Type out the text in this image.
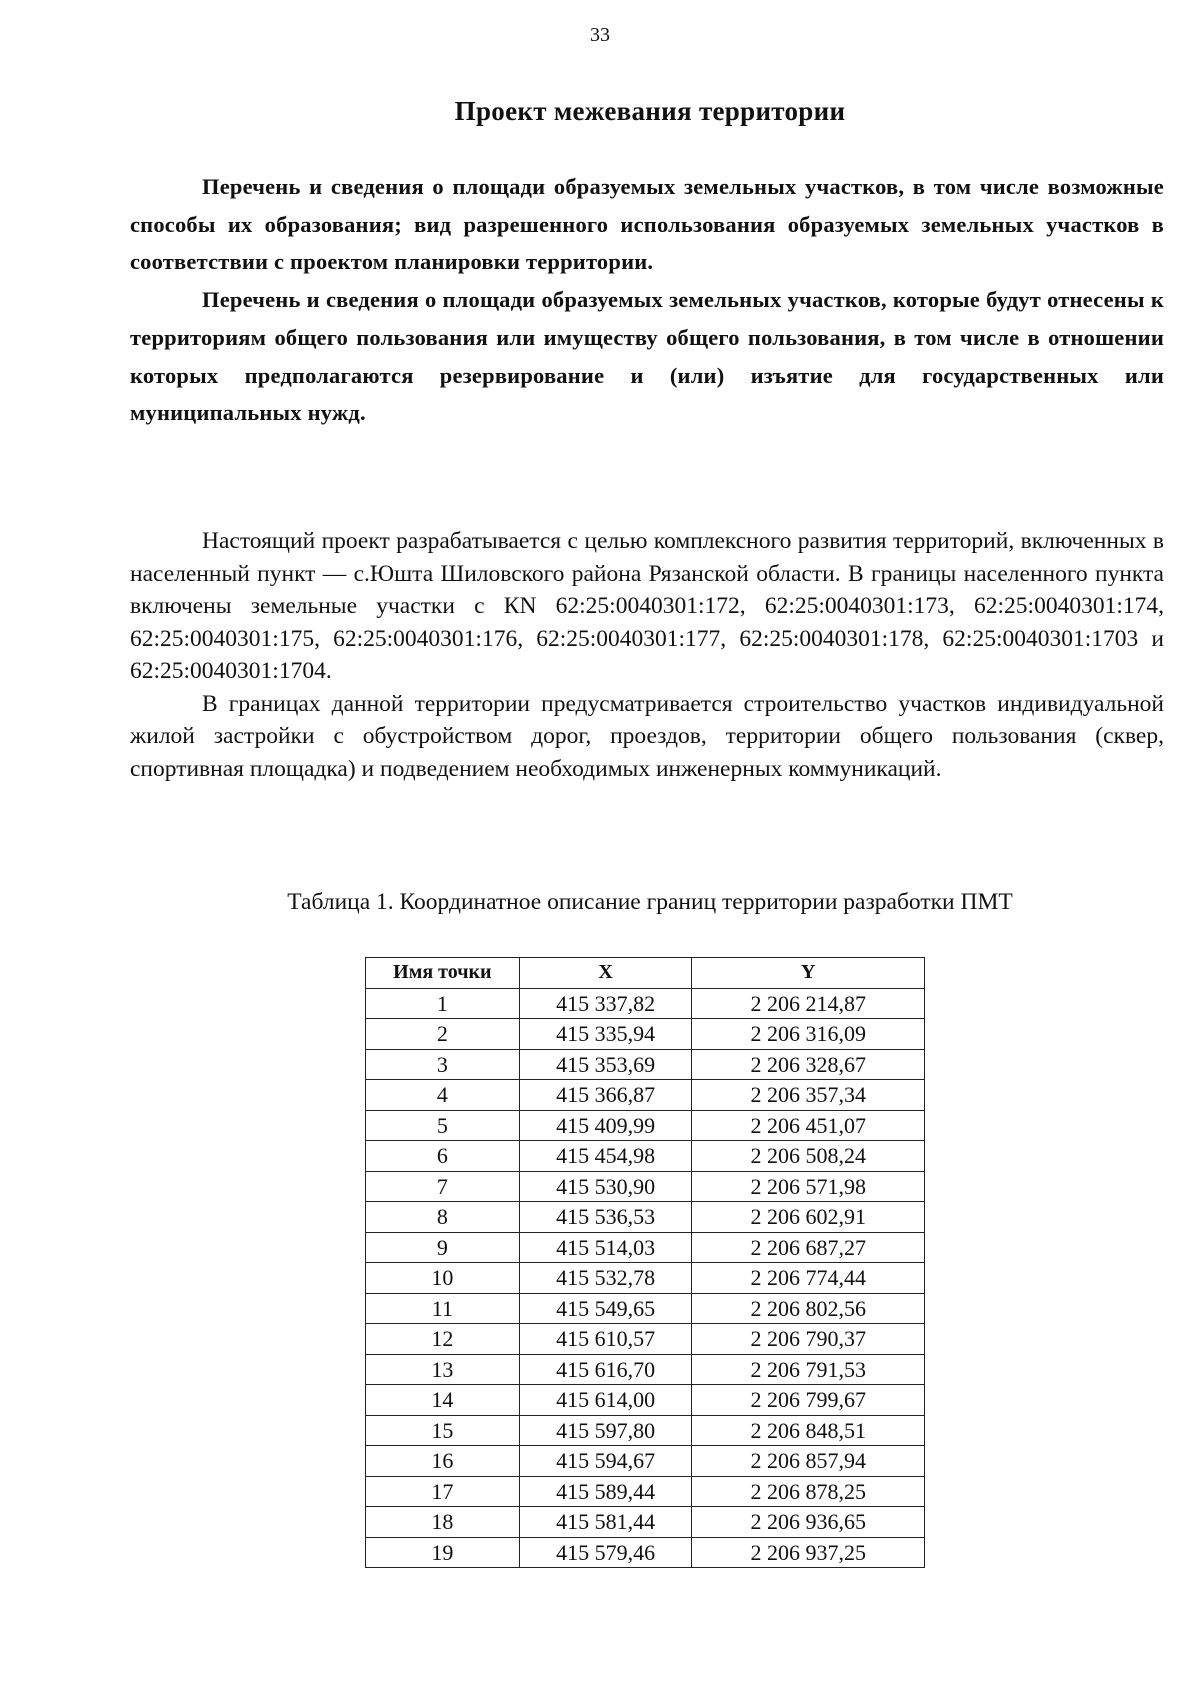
33
Проект межевания территории

Перечень и сведения о площади образуемых земельных участков, в том числе возможные способы их образования; вид разрешенного использования образуемых земельных участков в соответствии с проектом планировки территории.

Перечень и сведения о площади образуемых земельных участков, которые будут отнесены к территориям общего пользования или имуществу общего пользования, в том числе в отношении которых предполагаются резервирование и (или) изъятие для государственных или муниципальных нужд.

Настоящий проект разрабатывается с целью комплексного развития территорий, включенных в населенный пункт — с.Юшта Шиловского района Рязанской области. В границы населенного пункта включены земельные участки с КN 62:25:0040301:172, 62:25:0040301:173, 62:25:0040301:174, 62:25:0040301:175, 62:25:0040301:176, 62:25:0040301:177, 62:25:0040301:178, 62:25:0040301:1703 и 62:25:0040301:1704.

В границах данной территории предусматривается строительство участков индивидуальной жилой застройки с обустройством дорог, проездов, территории общего пользования (сквер, спортивная площадка) и подведением необходимых инженерных коммуникаций.

Таблица 1. Координатное описание границ территории разработки ПМТ
Имя точки	X	Y
1	415 337,82	2 206 214,87
2	415 335,94	2 206 316,09
3	415 353,69	2 206 328,67
4	415 366,87	2 206 357,34
5	415 409,99	2 206 451,07
6	415 454,98	2 206 508,24
7	415 530,90	2 206 571,98
8	415 536,53	2 206 602,91
9	415 514,03	2 206 687,27
10	415 532,78	2 206 774,44
11	415 549,65	2 206 802,56
12	415 610,57	2 206 790,37
13	415 616,70	2 206 791,53
14	415 614,00	2 206 799,67
15	415 597,80	2 206 848,51
16	415 594,67	2 206 857,94
17	415 589,44	2 206 878,25
18	415 581,44	2 206 936,65
19	415 579,46	2 206 937,25
